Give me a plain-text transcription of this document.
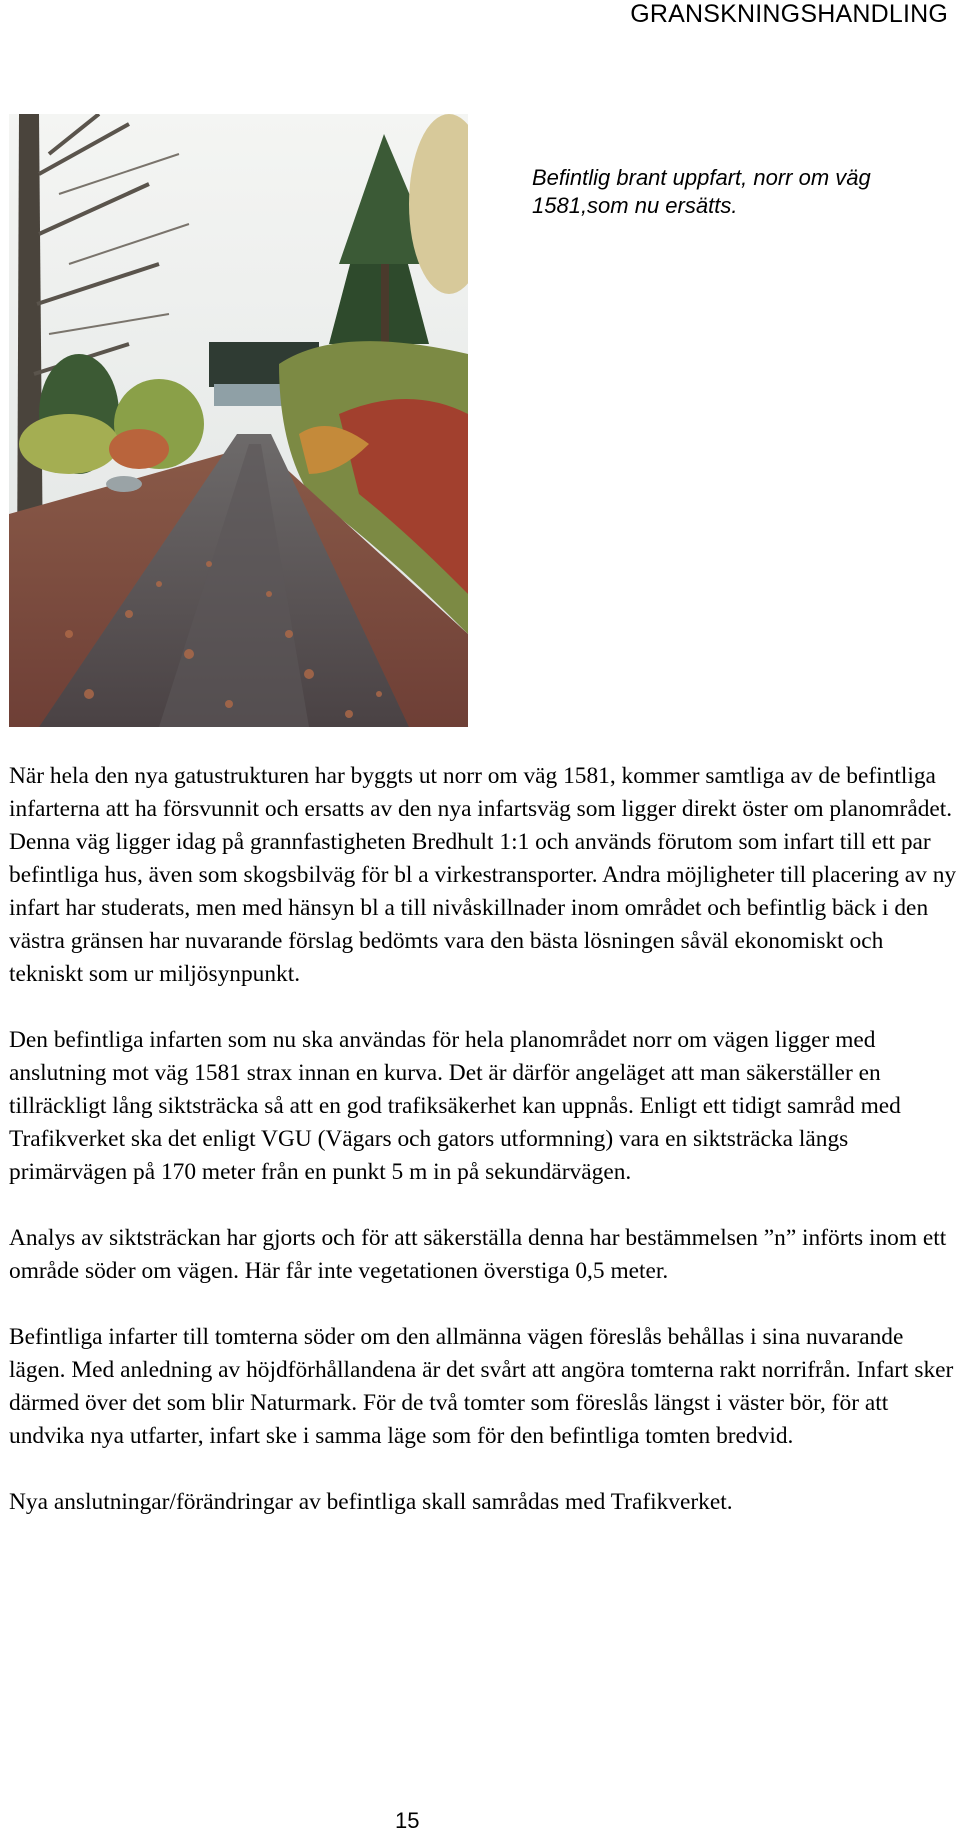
GRANSKNINGSHANDLING
Befintlig brant uppfart, norr om väg
1581,som nu ersätts.

När hela den nya gatustrukturen har byggts ut norr om väg 1581, kommer samtliga av de befintliga infarterna att ha försvunnit och ersatts av den nya infartsväg som ligger direkt öster om planområdet. Denna väg ligger idag på grannfastigheten Bredhult 1:1 och används förutom som infart till ett par befintliga hus, även som skogsbilväg för bl a virkestransporter. Andra möjligheter till placering av ny infart har studerats, men med hänsyn bl a till nivåskillnader inom området och befintlig bäck i den västra gränsen har nuvarande förslag bedömts vara den bästa lösningen såväl ekonomiskt och tekniskt som ur miljösynpunkt.

Den befintliga infarten som nu ska användas för hela planområdet norr om vägen ligger med anslutning mot väg 1581 strax innan en kurva. Det är därför angeläget att man säkerställer en tillräckligt lång siktsträcka så att en god trafiksäkerhet kan uppnås. Enligt ett tidigt samråd med Trafikverket ska det enligt VGU (Vägars och gators utformning) vara en siktsträcka längs primärvägen på 170 meter från en punkt 5 m in på sekundärvägen.

Analys av siktsträckan har gjorts och för att säkerställa denna har bestämmelsen ”n” införts inom ett område söder om vägen. Här får inte vegetationen överstiga 0,5 meter.

Befintliga infarter till tomterna söder om den allmänna vägen föreslås behållas i sina nuvarande lägen. Med anledning av höjdförhållandena är det svårt att angöra tomterna rakt norrifrån. Infart sker därmed över det som blir Naturmark. För de två tomter som föreslås längst i väster bör, för att undvika nya utfarter, infart ske i samma läge som för den befintliga tomten bredvid.

Nya anslutningar/förändringar av befintliga skall samrådas med Trafikverket.

15
